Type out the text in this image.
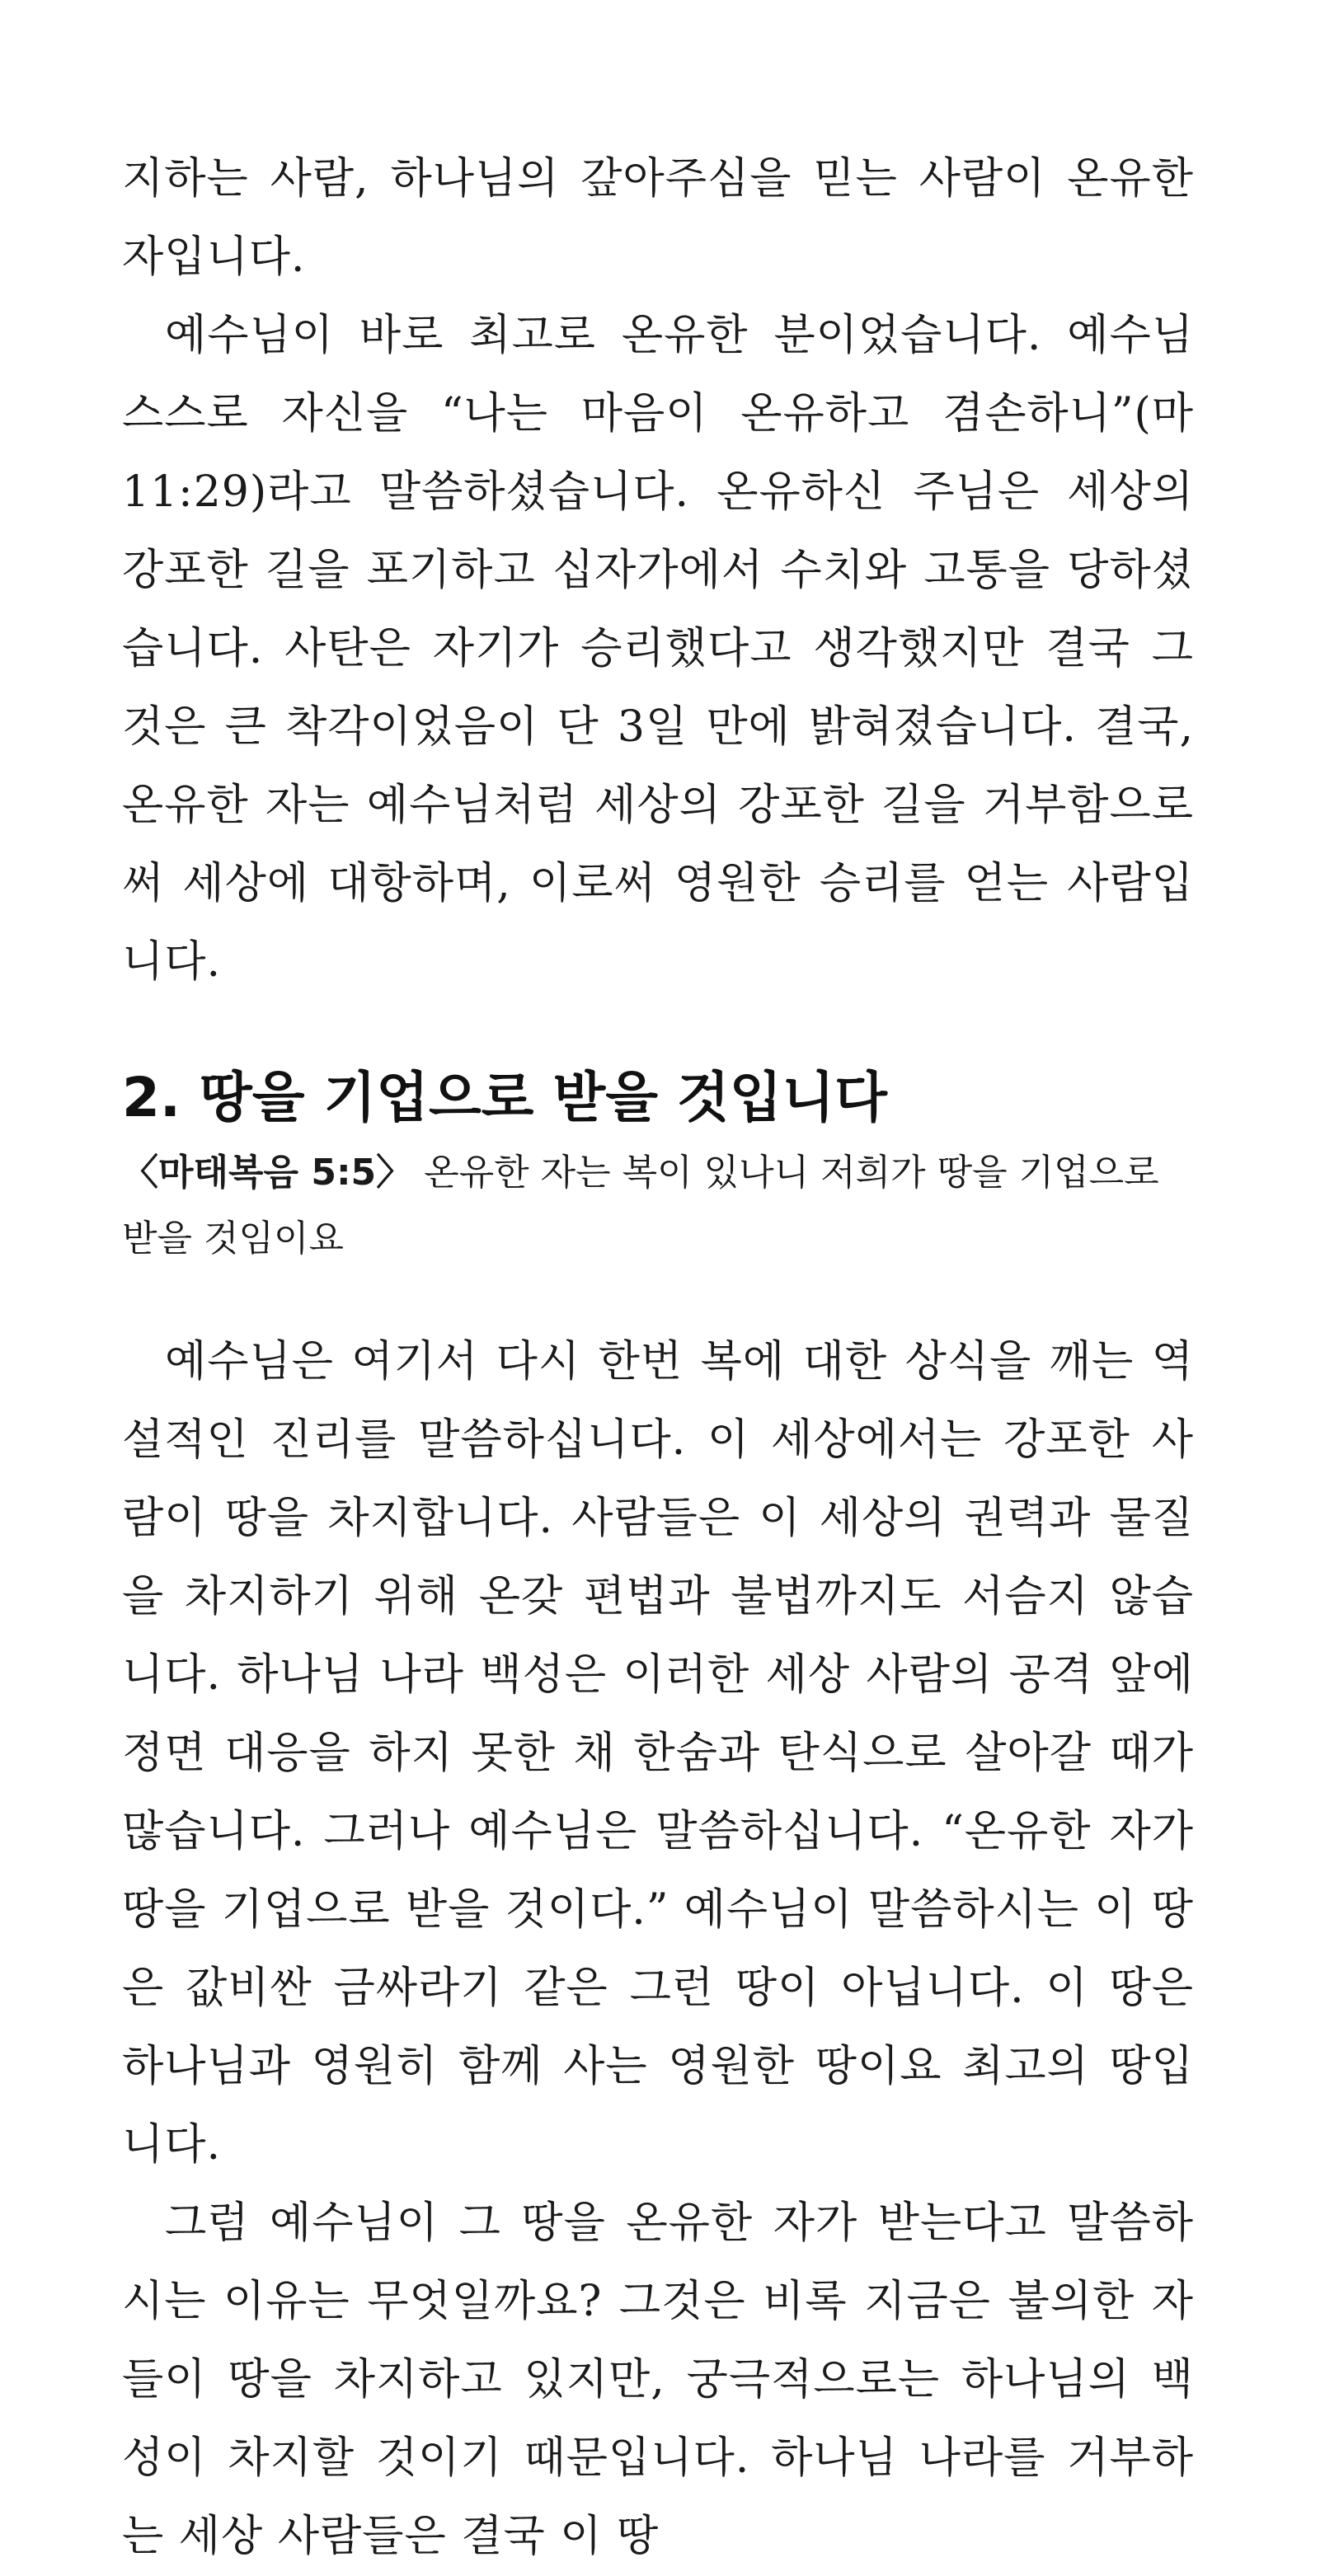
지하는 사람, 하나님의 갚아주심을 믿는 사람이 온유한 자입니다.

예수님이 바로 최고로 온유한 분이었습니다. 예수님 스스로 자신을 “나는 마음이 온유하고 겸손하니”(마 11:29)라고 말씀하셨습니다. 온유하신 주님은 세상의 강포한 길을 포기하고 십자가에서 수치와 고통을 당하셨습니다. 사탄은 자기가 승리했다고 생각했지만 결국 그것은 큰 착각이었음이 단 3일 만에 밝혀졌습니다. 결국, 온유한 자는 예수님처럼 세상의 강포한 길을 거부함으로써 세상에 대항하며, 이로써 영원한 승리를 얻는 사람입니다.

2. 땅을 기업으로 받을 것입니다

〈마태복음 5:5〉 온유한 자는 복이 있나니 저희가 땅을 기업으로 받을 것임이요

예수님은 여기서 다시 한번 복에 대한 상식을 깨는 역설적인 진리를 말씀하십니다. 이 세상에서는 강포한 사람이 땅을 차지합니다. 사람들은 이 세상의 권력과 물질을 차지하기 위해 온갖 편법과 불법까지도 서슴지 않습니다. 하나님 나라 백성은 이러한 세상 사람의 공격 앞에 정면 대응을 하지 못한 채 한숨과 탄식으로 살아갈 때가 많습니다. 그러나 예수님은 말씀하십니다. “온유한 자가 땅을 기업으로 받을 것이다.” 예수님이 말씀하시는 이 땅은 값비싼 금싸라기 같은 그런 땅이 아닙니다. 이 땅은 하나님과 영원히 함께 사는 영원한 땅이요 최고의 땅입니다.

그럼 예수님이 그 땅을 온유한 자가 받는다고 말씀하시는 이유는 무엇일까요? 그것은 비록 지금은 불의한 자들이 땅을 차지하고 있지만, 궁극적으로는 하나님의 백성이 차지할 것이기 때문입니다. 하나님 나라를 거부하는 세상 사람들은 결국 이 땅
